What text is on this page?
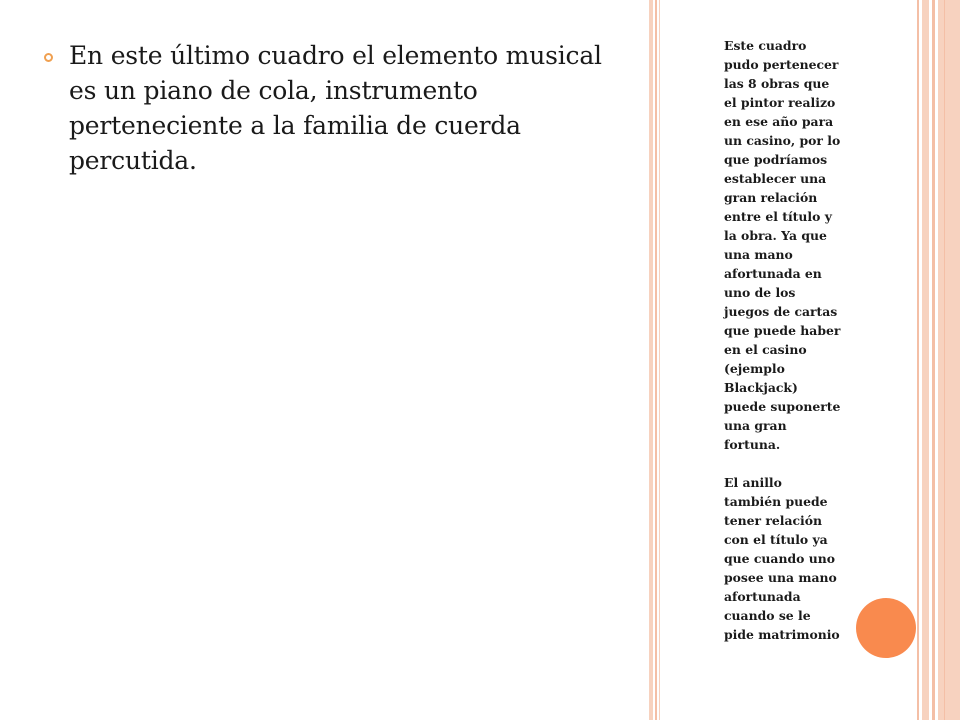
En este último cuadro el elemento musical es un piano de cola, instrumento perteneciente a la familia de cuerda percutida.
Este cuadro
pudo pertenecer
las 8 obras que
el pintor realizo
en ese año para
un casino, por lo
que podríamos
establecer una
gran relación
entre el título y
la obra. Ya que
una mano
afortunada en
uno de los
juegos de cartas
que puede haber
en el casino
(ejemplo
Blackjack)
puede suponerte
una gran
fortuna.

El anillo
también puede
tener relación
con el título ya
que cuando uno
posee una mano
afortunada
cuando se le
pide matrimonio
